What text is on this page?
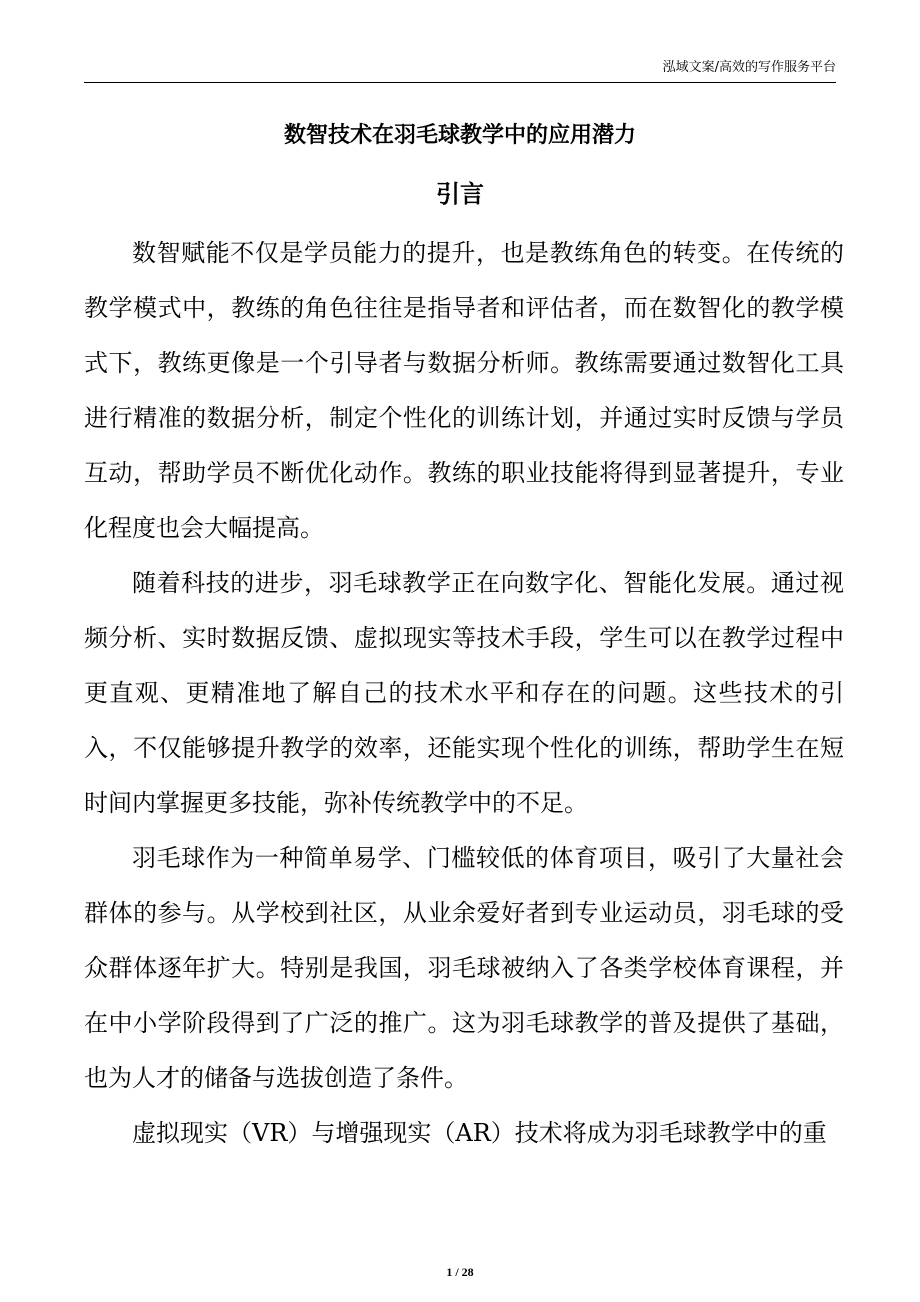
泓域文案/高效的写作服务平台
数智技术在羽毛球教学中的应用潜力
引言

数智赋能不仅是学员能力的提升，也是教练角色的转变。在传统的教学模式中，教练的角色往往是指导者和评估者，而在数智化的教学模式下，教练更像是一个引导者与数据分析师。教练需要通过数智化工具进行精准的数据分析，制定个性化的训练计划，并通过实时反馈与学员互动，帮助学员不断优化动作。教练的职业技能将得到显著提升，专业化程度也会大幅提高。

随着科技的进步，羽毛球教学正在向数字化、智能化发展。通过视频分析、实时数据反馈、虚拟现实等技术手段，学生可以在教学过程中更直观、更精准地了解自己的技术水平和存在的问题。这些技术的引入，不仅能够提升教学的效率，还能实现个性化的训练，帮助学生在短时间内掌握更多技能，弥补传统教学中的不足。

羽毛球作为一种简单易学、门槛较低的体育项目，吸引了大量社会群体的参与。从学校到社区，从业余爱好者到专业运动员，羽毛球的受众群体逐年扩大。特别是我国，羽毛球被纳入了各类学校体育课程，并在中小学阶段得到了广泛的推广。这为羽毛球教学的普及提供了基础，也为人才的储备与选拔创造了条件。

虚拟现实（VR）与增强现实（AR）技术将成为羽毛球教学中的重

1 / 28
